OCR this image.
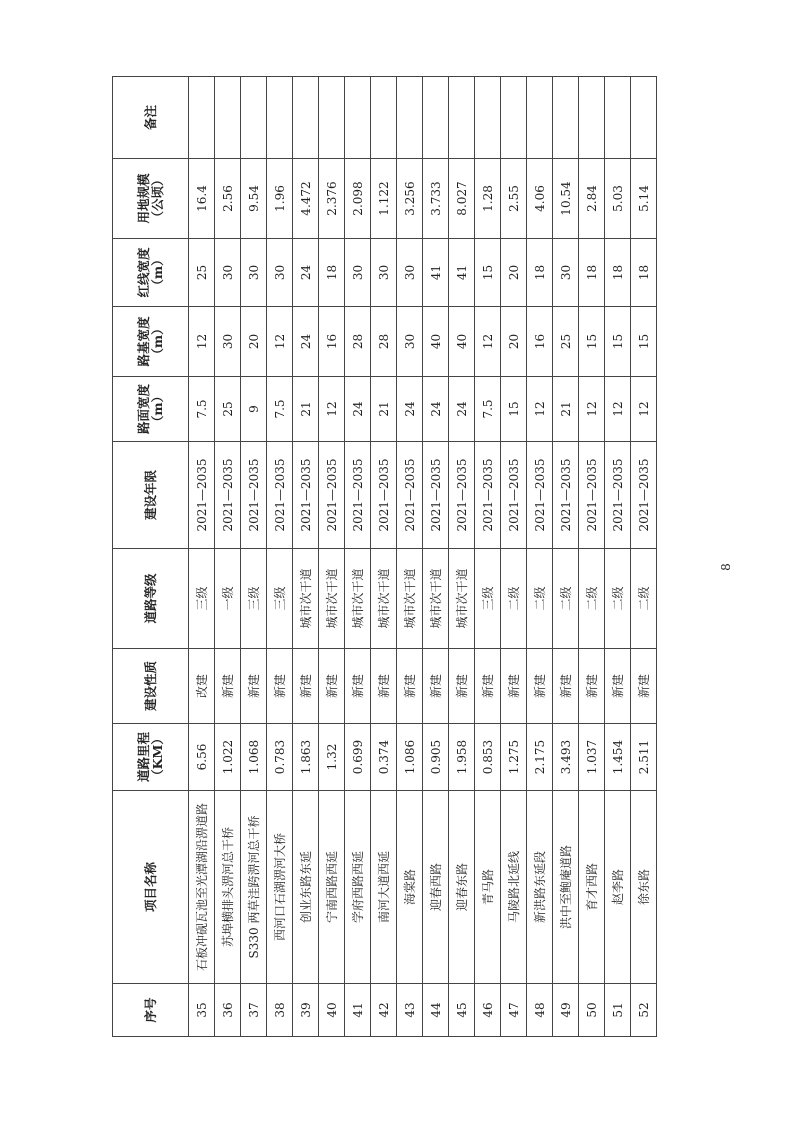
序号	项目名称	道路里程 （KM）	建设性质	道路等级	建设年限	路面宽度 （m）	路基宽度 （m）	红线宽度 （m）	用地规模 （公顷）	备注
35	石板冲砚瓦池至光潭湖沿淠道路	6.56	改建	三级	2021—2035	7.5	12	25	16.4	
36	苏埠横排头淠河总干桥	1.022	新建	一级	2021—2035	25	30	30	2.56	
37	S330 两草洼跨淠河总干桥	1.068	新建	三级	2021—2035	9	20	30	9.54	
38	西河口石湖淠河大桥	0.783	新建	三级	2021—2035	7.5	12	30	1.96	
39	创业东路东延	1.863	新建	城市次干道	2021—2035	21	24	24	4.472	
40	宁南西路西延	1.32	新建	城市次干道	2021—2035	12	16	18	2.376	
41	学府西路西延	0.699	新建	城市次干道	2021—2035	24	28	30	2.098	
42	南河大道西延	0.374	新建	城市次干道	2021—2035	21	28	30	1.122	
43	海棠路	1.086	新建	城市次干道	2021—2035	24	30	30	3.256	
44	迎春西路	0.905	新建	城市次干道	2021—2035	24	40	41	3.733	
45	迎春东路	1.958	新建	城市次干道	2021—2035	24	40	41	8.027	
46	青马路	0.853	新建	三级	2021—2035	7.5	12	15	1.28	
47	马陵路北延线	1.275	新建	二级	2021—2035	15	20	20	2.55	
48	新洪路东延段	2.175	新建	二级	2021—2035	12	16	18	4.06	
49	洪中至鲍庵道路	3.493	新建	二级	2021—2035	21	25	30	10.54	
50	育才西路	1.037	新建	二级	2021—2035	12	15	18	2.84	
51	赵李路	1.454	新建	二级	2021—2035	12	15	18	5.03	
52	徐东路	2.511	新建	二级	2021—2035	12	15	18	5.14	
8
